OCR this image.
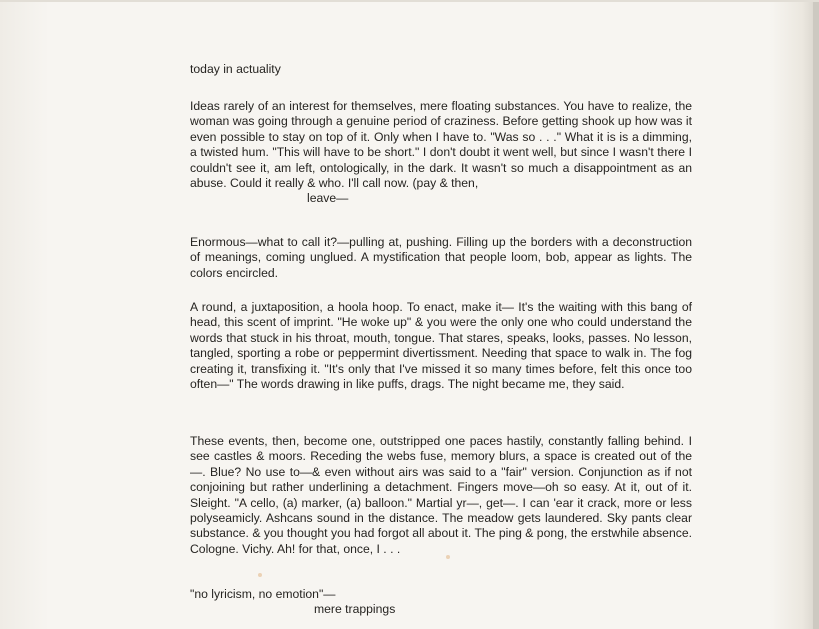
today in actuality

Ideas rarely of an interest for themselves, mere floating substances. You have to realize, the woman was going through a genuine period of craziness. Before getting shook up how was it even possible to stay on top of it. Only when I have to. "Was so . . ." What it is is a dimming, a twisted hum. "This will have to be short." I don't doubt it went well, but since I wasn't there I couldn't see it, am left, ontologically, in the dark. It wasn't so much a disappointment as an abuse. Could it really & who. I'll call now. (pay & then,
leave—

Enormous—what to call it?—pulling at, pushing. Filling up the borders with a deconstruction of meanings, coming unglued. A mystification that people loom, bob, appear as lights. The colors encircled.

A round, a juxtaposition, a hoola hoop. To enact, make it— It's the waiting with this bang of head, this scent of imprint. "He woke up" & you were the only one who could understand the words that stuck in his throat, mouth, tongue. That stares, speaks, looks, passes. No lesson, tangled, sporting a robe or peppermint divertissment. Needing that space to walk in. The fog creating it, transfixing it. "It's only that I've missed it so many times before, felt this once too often—" The words drawing in like puffs, drags. The night became me, they said.

These events, then, become one, outstripped one paces hastily, constantly falling behind. I see castles & moors. Receding the webs fuse, memory blurs, a space is created out of the—. Blue? No use to—& even without airs was said to a "fair" version. Conjunction as if not conjoining but rather underlining a detachment. Fingers move—oh so easy. At it, out of it. Sleight. "A cello, (a) marker, (a) balloon." Martial yr—, get—. I can 'ear it crack, more or less polyseamicly. Ashcans sound in the distance. The meadow gets laundered. Sky pants clear substance. & you thought you had forgot all about it. The ping & pong, the erstwhile absence. Cologne. Vichy. Ah! for that, once, I . . .

"no lyricism, no emotion"—
mere trappings
